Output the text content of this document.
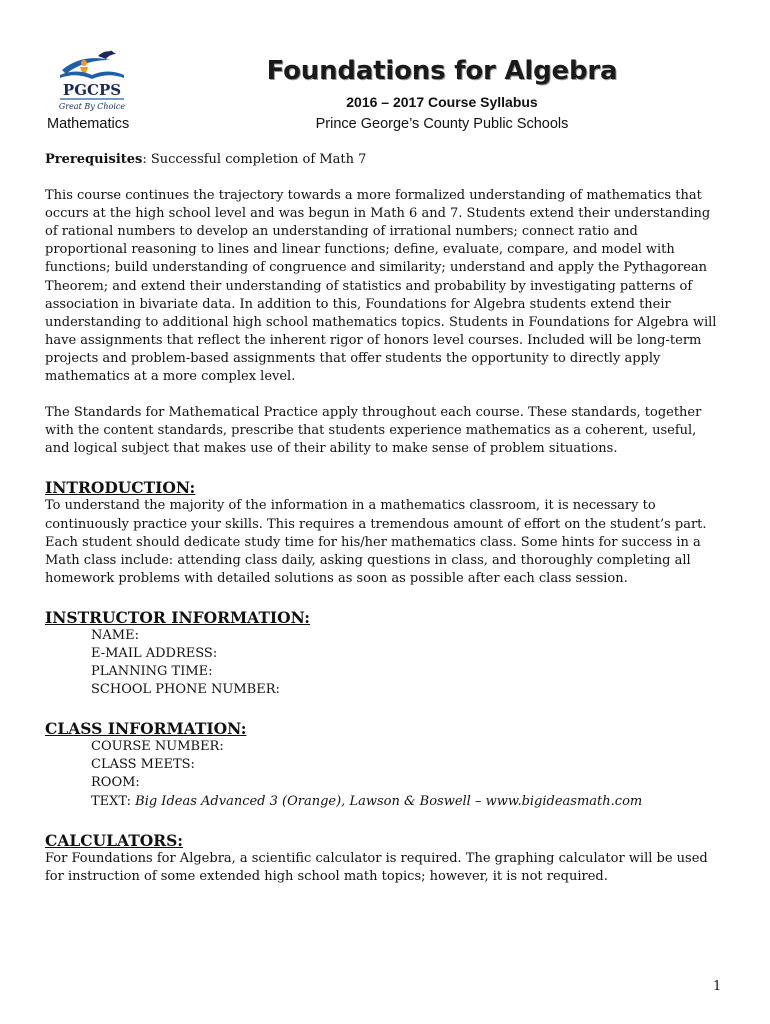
PGCPS
Great By Choice
Mathematics
Foundations for Algebra
2016 – 2017 Course Syllabus
Prince George’s County Public Schools

Prerequisites: Successful completion of Math 7

This course continues the trajectory towards a more formalized understanding of mathematics that occurs at the high school level and was begun in Math 6 and 7. Students extend their understanding of rational numbers to develop an understanding of irrational numbers; connect ratio and proportional reasoning to lines and linear functions; define, evaluate, compare, and model with functions; build understanding of congruence and similarity; understand and apply the Pythagorean Theorem; and extend their understanding of statistics and probability by investigating patterns of association in bivariate data. In addition to this, Foundations for Algebra students extend their understanding to additional high school mathematics topics. Students in Foundations for Algebra will have assignments that reflect the inherent rigor of honors level courses. Included will be long-term projects and problem-based assignments that offer students the opportunity to directly apply mathematics at a more complex level.

The Standards for Mathematical Practice apply throughout each course. These standards, together with the content standards, prescribe that students experience mathematics as a coherent, useful, and logical subject that makes use of their ability to make sense of problem situations.

INTRODUCTION:

To understand the majority of the information in a mathematics classroom, it is necessary to continuously practice your skills. This requires a tremendous amount of effort on the student’s part. Each student should dedicate study time for his/her mathematics class. Some hints for success in a Math class include: attending class daily, asking questions in class, and thoroughly completing all homework problems with detailed solutions as soon as possible after each class session.

INSTRUCTOR INFORMATION:

NAME:

E-MAIL ADDRESS:

PLANNING TIME:

SCHOOL PHONE NUMBER:

CLASS INFORMATION:

COURSE NUMBER:

CLASS MEETS:

ROOM:

TEXT: Big Ideas Advanced 3 (Orange), Lawson & Boswell – www.bigideasmath.com

CALCULATORS:

For Foundations for Algebra, a scientific calculator is required. The graphing calculator will be used for instruction of some extended high school math topics; however, it is not required.

1
